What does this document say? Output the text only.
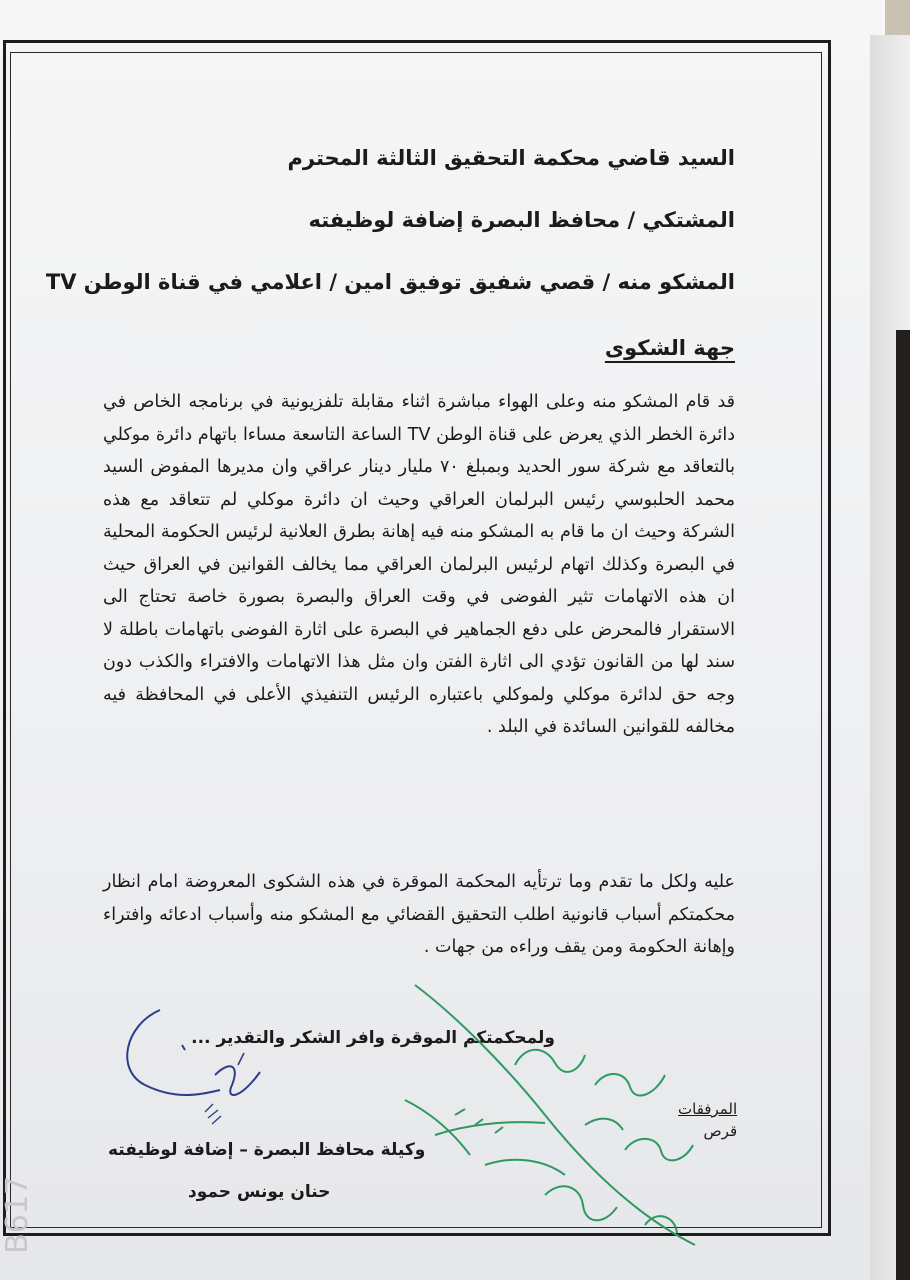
السيد قاضي محكمة التحقيق الثالثة المحترم

المشتكي / محافظ البصرة إضافة لوظيفته

المشكو منه / قصي شفيق توفيق امين / اعلامي في قناة الوطن TV

جهة الشكوى
قد قام المشكو منه وعلى الهواء مباشرة اثناء مقابلة تلفزيونية في برنامجه الخاص في دائرة الخطر الذي يعرض على قناة الوطن TV الساعة التاسعة مساءا باتهام دائرة موكلي بالتعاقد مع شركة سور الحديد وبمبلغ ٧٠ مليار دينار عراقي وان مديرها المفوض السيد محمد الحلبوسي رئيس البرلمان العراقي وحيث ان دائرة موكلي لم تتعاقد مع هذه الشركة وحيث ان ما قام به المشكو منه فيه إهانة بطرق العلانية لرئيس الحكومة المحلية في البصرة وكذلك اتهام لرئيس البرلمان العراقي مما يخالف القوانين في العراق حيث ان هذه الاتهامات تثير الفوضى في وقت العراق والبصرة بصورة خاصة تحتاج الى الاستقرار فالمحرض على دفع الجماهير في البصرة على اثارة الفوضى باتهامات باطلة لا سند لها من القانون تؤدي الى اثارة الفتن وان مثل هذا الاتهامات والافتراء والكذب دون وجه حق لدائرة موكلي ولموكلي باعتباره الرئيس التنفيذي الأعلى في المحافظة فيه مخالفه للقوانين السائدة في البلد .
عليه ولكل ما تقدم وما ترتأيه المحكمة الموقرة في هذه الشكوى المعروضة امام انظار محكمتكم أسباب قانونية اطلب التحقيق القضائي مع المشكو منه وأسباب ادعائه وافتراء وإهانة الحكومة ومن يقف وراءه من جهات .
ولمحكمتكم الموقرة وافر الشكر والتقدير ...
وكيلة محافظ البصرة – إضافة لوظيفته
حنان يونس حمود
المرفقات
قرص
B617
